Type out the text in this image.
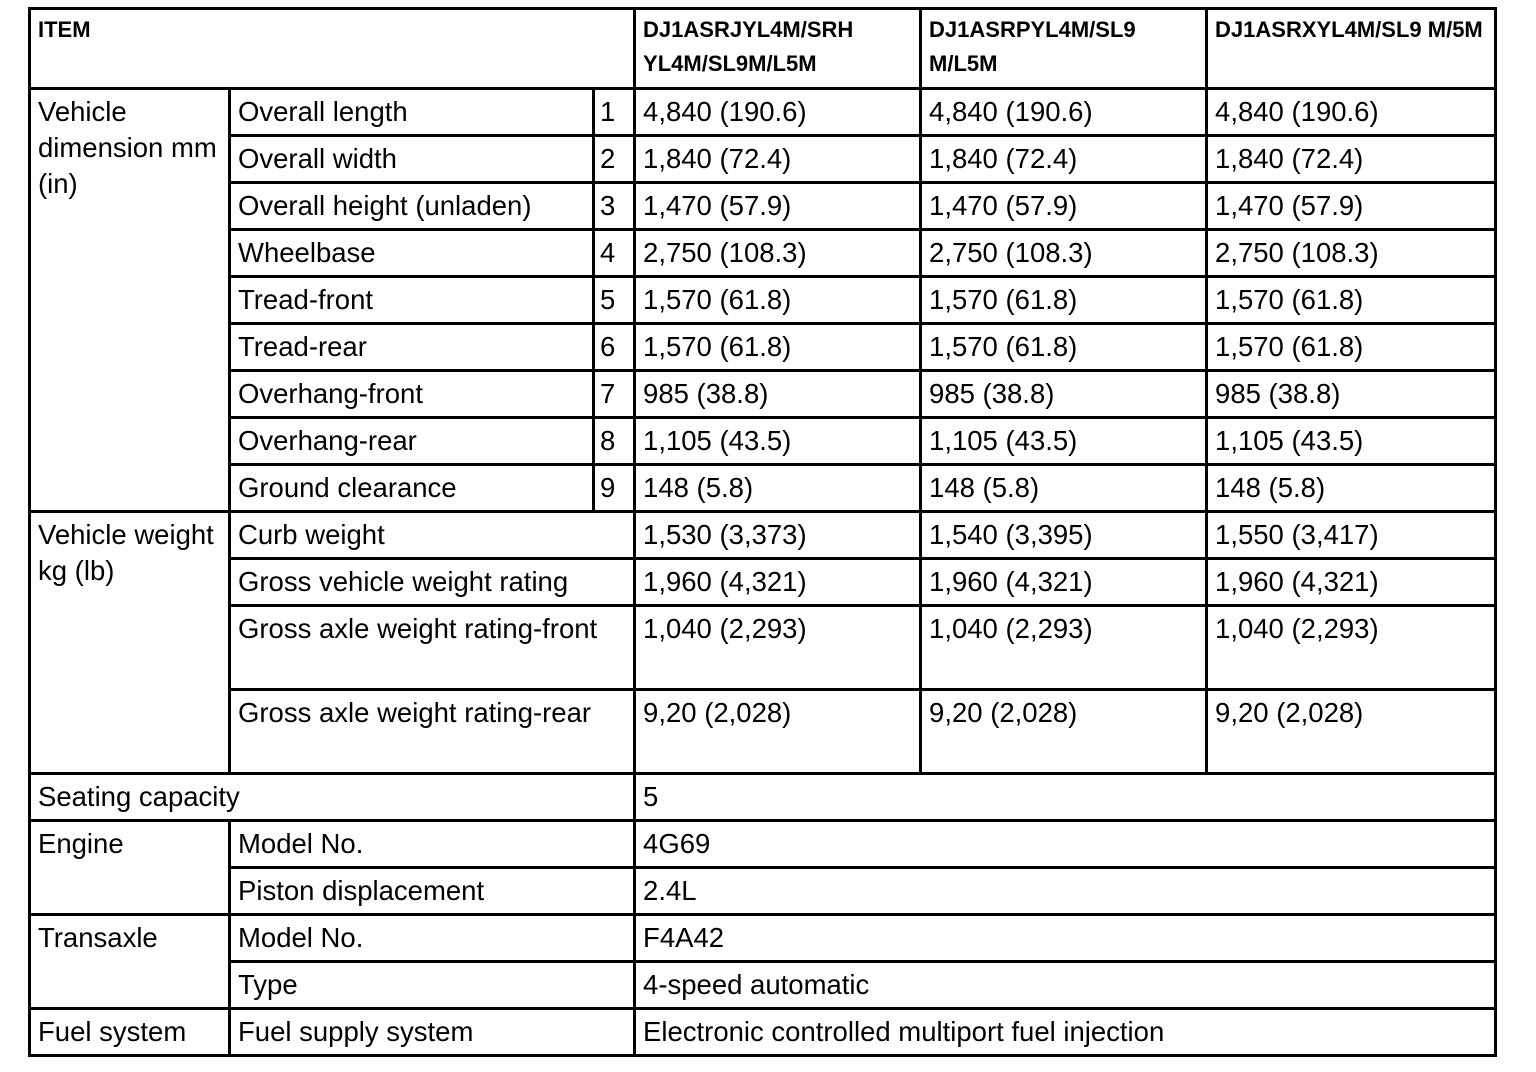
ITEM			DJ1ASRJYL4M/SRH YL4M/SL9M/L5M	DJ1ASRPYL4M/SL9 M/L5M	DJ1ASRXYL4M/SL9 M/5M
Vehicle dimension mm (in)	Overall length	1	4,840 (190.6)	4,840 (190.6)	4,840 (190.6)
	Overall width	2	1,840 (72.4)	1,840 (72.4)	1,840 (72.4)
	Overall height (unladen)	3	1,470 (57.9)	1,470 (57.9)	1,470 (57.9)
	Wheelbase	4	2,750 (108.3)	2,750 (108.3)	2,750 (108.3)
	Tread-front	5	1,570 (61.8)	1,570 (61.8)	1,570 (61.8)
	Tread-rear	6	1,570 (61.8)	1,570 (61.8)	1,570 (61.8)
	Overhang-front	7	985 (38.8)	985 (38.8)	985 (38.8)
	Overhang-rear	8	1,105 (43.5)	1,105 (43.5)	1,105 (43.5)
	Ground clearance	9	148 (5.8)	148 (5.8)	148 (5.8)
Vehicle weight kg (lb)	Curb weight		1,530 (3,373)	1,540 (3,395)	1,550 (3,417)
	Gross vehicle weight rating		1,960 (4,321)	1,960 (4,321)	1,960 (4,321)
	Gross axle weight rating-front		1,040 (2,293)	1,040 (2,293)	1,040 (2,293)
	Gross axle weight rating-rear		9,20 (2,028)	9,20 (2,028)	9,20 (2,028)
Seating capacity			5		
Engine	Model No.		4G69		
	Piston displacement		2.4L		
Transaxle	Model No.		F4A42		
	Type		4-speed automatic		
Fuel system	Fuel supply system		Electronic controlled multiport fuel injection		
